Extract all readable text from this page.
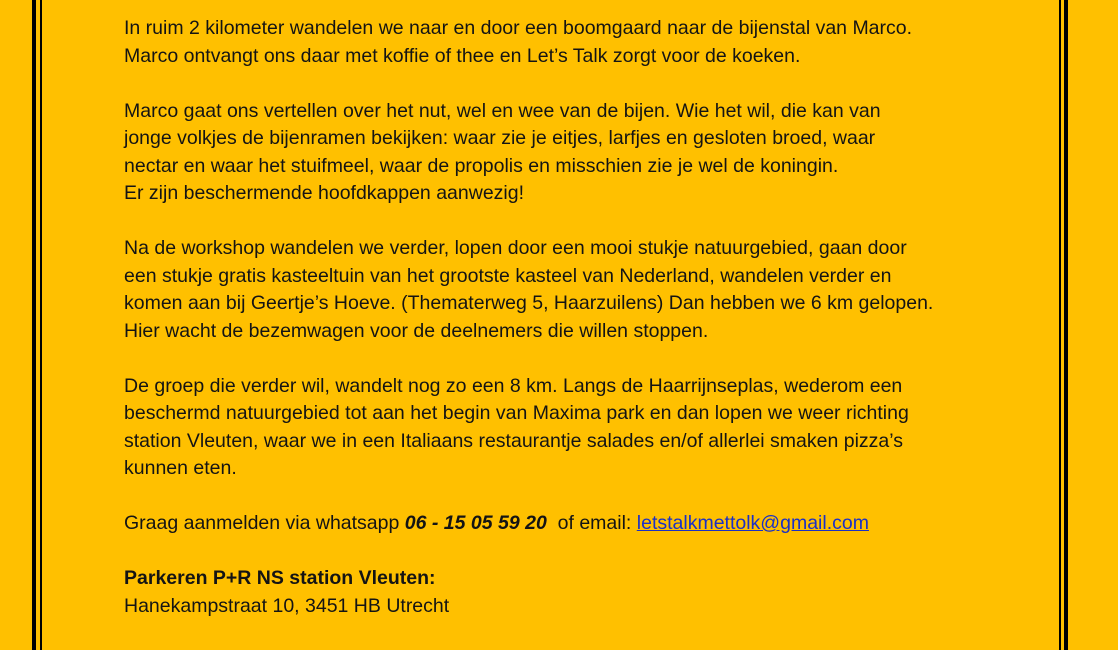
In ruim 2 kilometer wandelen we naar en door een boomgaard naar de bijenstal van Marco.
Marco ontvangt ons daar met koffie of thee en Let’s Talk zorgt voor de koeken.
Marco gaat ons vertellen over het nut, wel en wee van de bijen. Wie het wil, die kan van
jonge volkjes de bijenramen bekijken: waar zie je eitjes, larfjes en gesloten broed, waar
nectar en waar het stuifmeel, waar de propolis en misschien zie je wel de koningin.
Er zijn beschermende hoofdkappen aanwezig!
Na de workshop wandelen we verder, lopen door een mooi stukje natuurgebied, gaan door
een stukje gratis kasteeltuin van het grootste kasteel van Nederland, wandelen verder en
komen aan bij Geertje’s Hoeve. (Thematerweg 5, Haarzuilens) Dan hebben we 6 km gelopen.
Hier wacht de bezemwagen voor de deelnemers die willen stoppen.
De groep die verder wil, wandelt nog zo een 8 km. Langs de Haarrijnseplas, wederom een
beschermd natuurgebied tot aan het begin van Maxima park en dan lopen we weer richting
station Vleuten, waar we in een Italiaans restaurantje salades en/of allerlei smaken pizza’s
kunnen eten.
Graag aanmelden via whatsapp 06 - 15 05 59 20  of email: letstalkmettolk@gmail.com
Parkeren P+R NS station Vleuten:
Hanekampstraat 10, 3451 HB Utrecht
